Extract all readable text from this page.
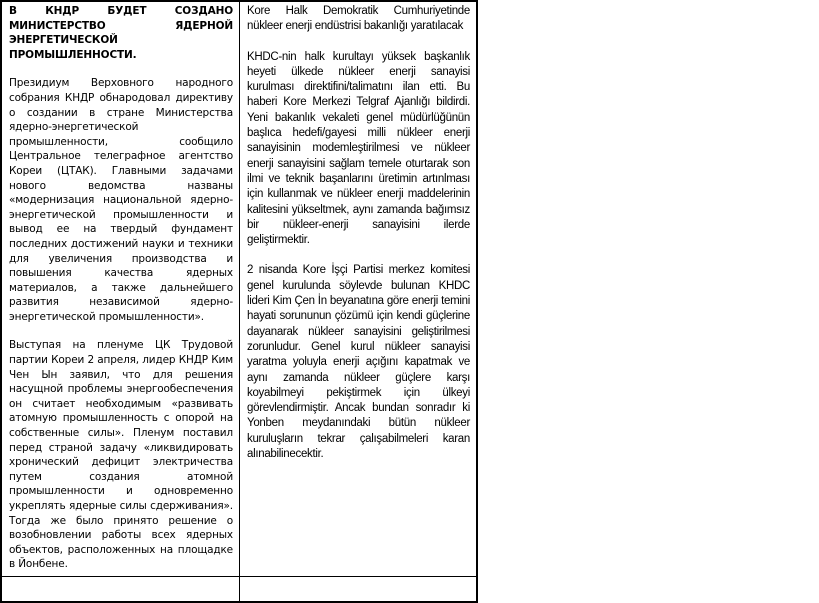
В КНДР БУДЕТ СОЗДАНО МИНИСТЕРСТВО ЯДЕРНОЙ ЭНЕРГЕТИЧЕСКОЙ ПРОМЫШЛЕННОСТИ.

Президиум Верховного народного собрания КНДР обнародовал директиву о создании в стране Министерства ядерно-энергетической промышленности, сообщило Центральное телеграфное агентство Кореи (ЦТАК). Главными задачами нового ведомства названы «модернизация национальной ядерно-энергетической промышленности и вывод ее на твердый фундамент последних достижений науки и техники для увеличения производства и повышения качества ядерных материалов, а также дальнейшего развития независимой ядерно-энергетической промышленности».

Выступая на пленуме ЦК Трудовой партии Кореи 2 апреля, лидер КНДР Ким Чен Ын заявил, что для решения насущной проблемы энергообеспечения он считает необходимым «развивать атомную промышленность с опорой на собственные силы». Пленум поставил перед страной задачу «ликвидировать хронический дефицит электричества путем создания атомной промышленности и одновременно укреплять ядерные силы сдерживания». Тогда же было принято решение о возобновлении работы всех ядерных объектов, расположенных на площадке в Йонбене.

Kore Halk Demokratik Cumhuriyetinde nükleer enerji endüstrisi bakanlığı yaratılacak

KHDC-nin halk kurultayı yüksek başkanlık heyeti ülkede nükleer enerji sanayisi kurulması direktifini/talimatını ilan etti. Bu haberi Kore Merkezi Telgraf Ajanlığı bildirdi. Yeni bakanlık vekaleti genel müdürlüğünün başlıca hedefi/gayesi milli nükleer enerji sanayisinin modemleştirilmesi ve nükleer enerji sanayisini sağlam temele oturtarak son ilmi ve teknik başanlarını üretimin artınlması için kullanmak ve nükleer enerji maddelerinin kalitesini yükseltmek, aynı zamanda bağımsız bir nükleer-enerji sanayisini ilerde geliştirmektir.

2 nisanda Kore İşçi Partisi merkez komitesi genel kurulunda söylevde bulunan KHDC lideri Kim Çen İn beyanatına göre enerji temini hayati sorununun çözümü için kendi güçlerine dayanarak nükleer sanayisini geliştirilmesi zorunludur. Genel kurul nükleer sanayisi yaratma yoluyla enerji açığını kapatmak ve aynı zamanda nükleer güçlere karşı koyabilmeyi pekiştirmek için ülkeyi görevlendirmiştir. Ancak bundan sonradır ki Yonben meydanındaki bütün nükleer kuruluşların tekrar çalışabilmeleri karan alınabilinecektir.
